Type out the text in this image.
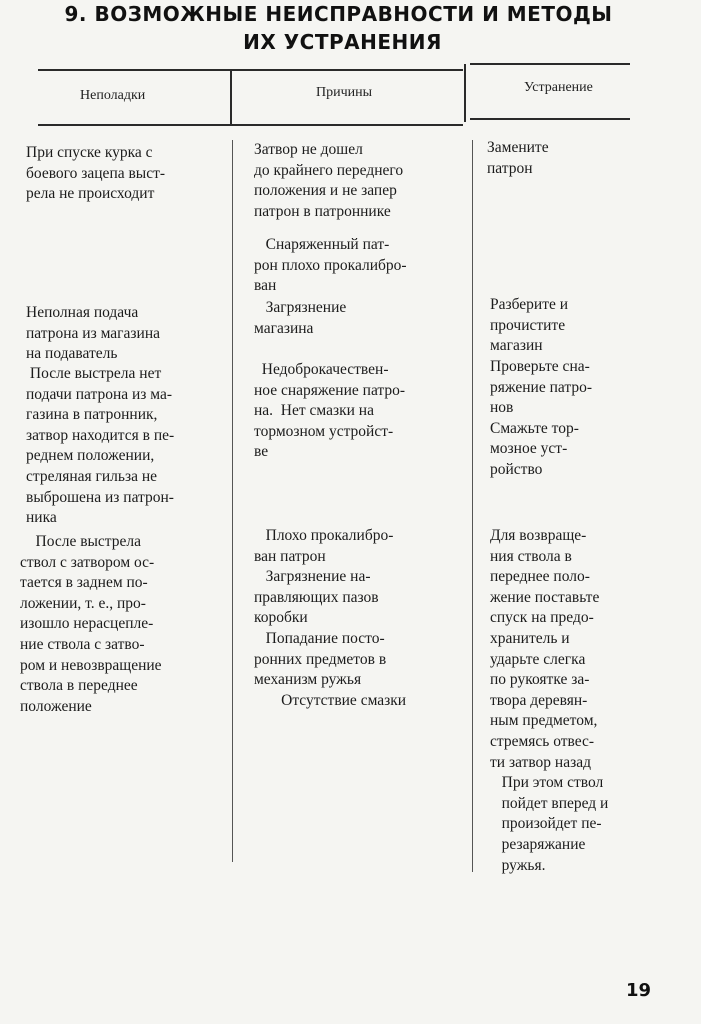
9. ВОЗМОЖНЫЕ НЕИСПРАВНОСТИ И МЕТОДЫ
ИХ УСТРАНЕНИЯ
Неполадки	Причины	Устранение
При спуске курка с
боевого зацепа выст-
рела не происходит
Неполная подача
патрона из магазина
на подаватель
После выстрела нет
подачи патрона из ма-
газина в патронник,
затвор находится в пе-
реднем положении,
стреляная гильза не
выброшена из патрон-
ника
После выстрела
ствол с затвором ос-
тается в заднем по-
ложении, т. е., про-
изошло нерасцепле-
ние ствола с затво-
ром и невозвращение
ствола в переднее
положение
Затвор не дошел
до крайнего переднего
положения и не запер
патрон в патроннике
Снаряженный пат-
рон плохо прокалибро-
ван
Загрязнение
магазина
Недоброкачествен-
ное снаряжение патро-
на.  Нет смазки на
тормозном устройст-
ве
Плохо прокалибро-
ван патрон
Загрязнение на-
правляющих пазов
коробки
Попадание посто-
ронних предметов в
механизм ружья
Отсутствие смазки
Замените
патрон
Разберите и
прочистите
магазин
Проверьте сна-
ряжение патро-
нов
Смажьте тор-
мозное уст-
ройство
Для возвраще-
ния ствола в
переднее поло-
жение поставьте
спуск на предо-
хранитель и
ударьте слегка
по рукоятке за-
твора деревян-
ным предметом,
стремясь отвес-
ти затвор назад
При этом ствол
пойдет вперед и
произойдет пе-
резаряжание
ружья.
19
